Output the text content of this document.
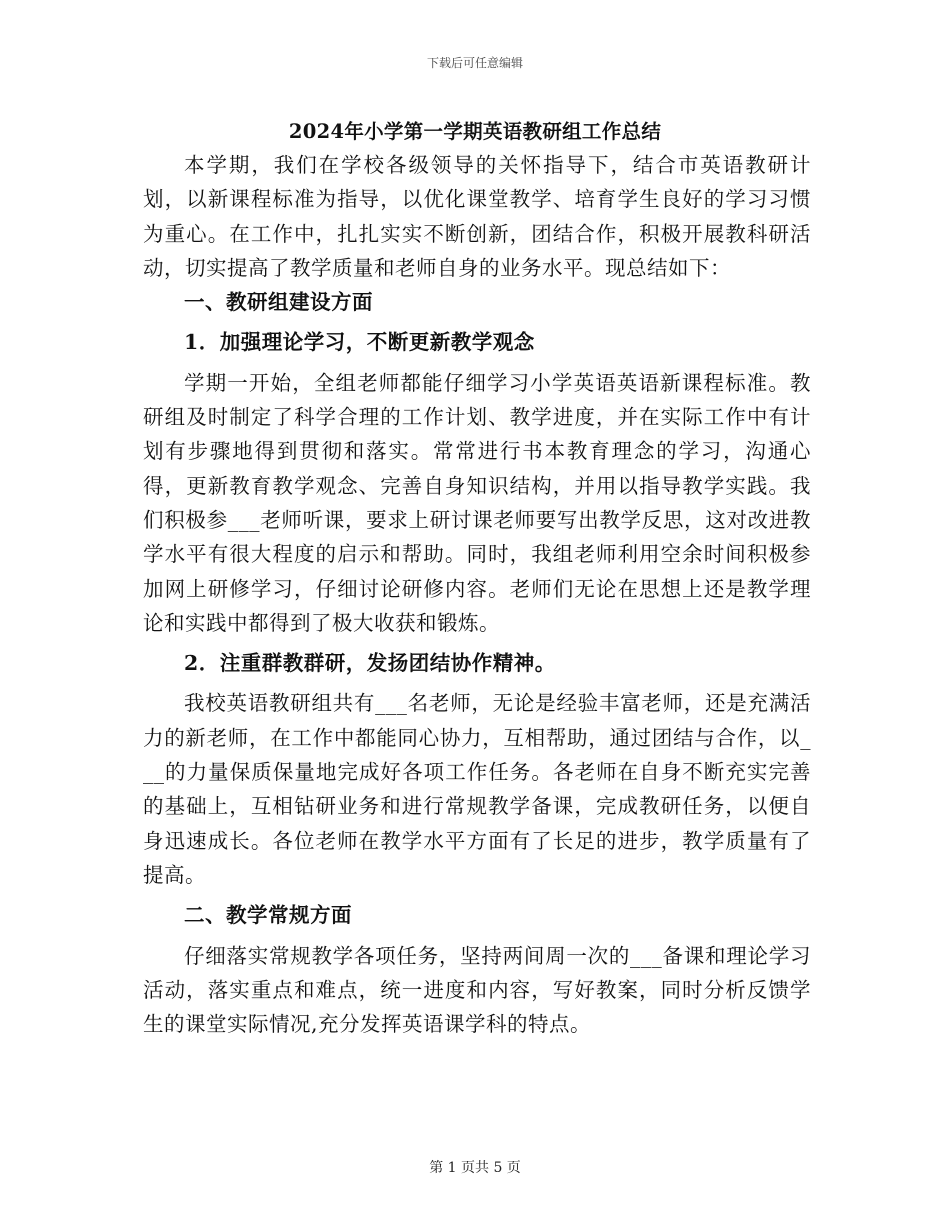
下载后可任意编辑
2024年小学第一学期英语教研组工作总结

本学期，我们在学校各级领导的关怀指导下，结合市英语教研计划，以新课程标准为指导，以优化课堂教学、培育学生良好的学习习惯为重心。在工作中，扎扎实实不断创新，团结合作，积极开展教科研活动，切实提高了教学质量和老师自身的业务水平。现总结如下：

一、教研组建设方面

1．加强理论学习，不断更新教学观念

学期一开始，全组老师都能仔细学习小学英语英语新课程标准。教研组及时制定了科学合理的工作计划、教学进度，并在实际工作中有计划有步骤地得到贯彻和落实。常常进行书本教育理念的学习，沟通心得，更新教育教学观念、完善自身知识结构，并用以指导教学实践。我们积极参___老师听课，要求上研讨课老师要写出教学反思，这对改进教学水平有很大程度的启示和帮助。同时，我组老师利用空余时间积极参加网上研修学习，仔细讨论研修内容。老师们无论在思想上还是教学理论和实践中都得到了极大收获和锻炼。

2．注重群教群研，发扬团结协作精神。

我校英语教研组共有___名老师，无论是经验丰富老师，还是充满活力的新老师，在工作中都能同心协力，互相帮助，通过团结与合作，以___的力量保质保量地完成好各项工作任务。各老师在自身不断充实完善的基础上，互相钻研业务和进行常规教学备课，完成教研任务，以便自身迅速成长。各位老师在教学水平方面有了长足的进步，教学质量有了提高。

二、教学常规方面

仔细落实常规教学各项任务，坚持两间周一次的___备课和理论学习活动，落实重点和难点，统一进度和内容，写好教案，同时分析反馈学生的课堂实际情况,充分发挥英语课学科的特点。

第 1 页共 5 页
